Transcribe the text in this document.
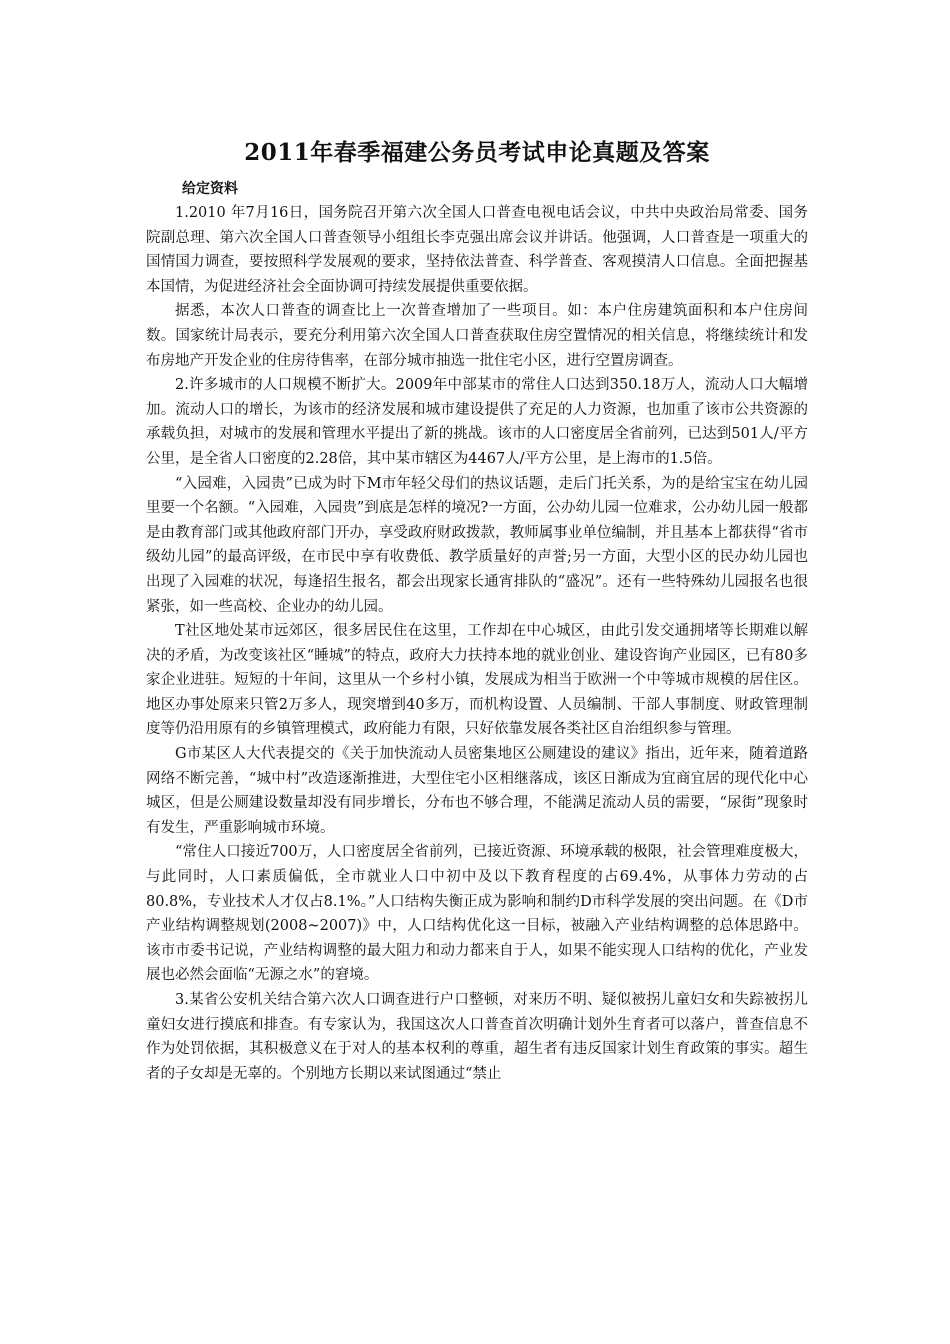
2011年春季福建公务员考试申论真题及答案
给定资料

1.2010 年7月16日，国务院召开第六次全国人口普查电视电话会议，中共中央政治局常委、国务院副总理、第六次全国人口普查领导小组组长李克强出席会议并讲话。他强调，人口普查是一项重大的国情国力调查，要按照科学发展观的要求，坚持依法普查、科学普查、客观摸清人口信息。全面把握基本国情，为促进经济社会全面协调可持续发展提供重要依据。

据悉，本次人口普查的调查比上一次普查增加了一些项目。如：本户住房建筑面积和本户住房间数。国家统计局表示，要充分利用第六次全国人口普查获取住房空置情况的相关信息，将继续统计和发布房地产开发企业的住房待售率，在部分城市抽选一批住宅小区，进行空置房调查。

2.许多城市的人口规模不断扩大。2009年中部某市的常住人口达到350.18万人，流动人口大幅增加。流动人口的增长，为该市的经济发展和城市建设提供了充足的人力资源，也加重了该市公共资源的承载负担，对城市的发展和管理水平提出了新的挑战。该市的人口密度居全省前列，已达到501人/平方公里，是全省人口密度的2.28倍，其中某市辖区为4467人/平方公里，是上海市的1.5倍。

“入园难，入园贵”已成为时下M市年轻父母们的热议话题，走后门托关系，为的是给宝宝在幼儿园里要一个名额。“入园难，入园贵”到底是怎样的境况?一方面，公办幼儿园一位难求，公办幼儿园一般都是由教育部门或其他政府部门开办，享受政府财政拨款，教师属事业单位编制，并且基本上都获得“省市级幼儿园”的最高评级，在市民中享有收费低、教学质量好的声誉;另一方面，大型小区的民办幼儿园也出现了入园难的状况，每逢招生报名，都会出现家长通宵排队的“盛况”。还有一些特殊幼儿园报名也很紧张，如一些高校、企业办的幼儿园。

T社区地处某市远郊区，很多居民住在这里，工作却在中心城区，由此引发交通拥堵等长期难以解决的矛盾，为改变该社区“睡城”的特点，政府大力扶持本地的就业创业、建设咨询产业园区，已有80多家企业进驻。短短的十年间，这里从一个乡村小镇，发展成为相当于欧洲一个中等城市规模的居住区。地区办事处原来只管2万多人，现突增到40多万，而机构设置、人员编制、干部人事制度、财政管理制度等仍沿用原有的乡镇管理模式，政府能力有限，只好依靠发展各类社区自治组织参与管理。

G市某区人大代表提交的《关于加快流动人员密集地区公厕建设的建议》指出，近年来，随着道路网络不断完善，“城中村”改造逐渐推进，大型住宅小区相继落成，该区日渐成为宜商宜居的现代化中心城区，但是公厕建设数量却没有同步增长，分布也不够合理，不能满足流动人员的需要，“尿街”现象时有发生，严重影响城市环境。

“常住人口接近700万，人口密度居全省前列，已接近资源、环境承载的极限，社会管理难度极大，与此同时，人口素质偏低，全市就业人口中初中及以下教育程度的占69.4%，从事体力劳动的占80.8%，专业技术人才仅占8.1%。”人口结构失衡正成为影响和制约D市科学发展的突出问题。在《D市产业结构调整规划(2008~2007)》中，人口结构优化这一目标，被融入产业结构调整的总体思路中。该市市委书记说，产业结构调整的最大阻力和动力都来自于人，如果不能实现人口结构的优化，产业发展也必然会面临“无源之水”的窘境。

3.某省公安机关结合第六次人口调查进行户口整顿，对来历不明、疑似被拐儿童妇女和失踪被拐儿童妇女进行摸底和排查。有专家认为，我国这次人口普查首次明确计划外生育者可以落户，普查信息不作为处罚依据，其积极意义在于对人的基本权利的尊重，超生者有违反国家计划生育政策的事实。超生者的子女却是无辜的。个别地方长期以来试图通过“禁止
